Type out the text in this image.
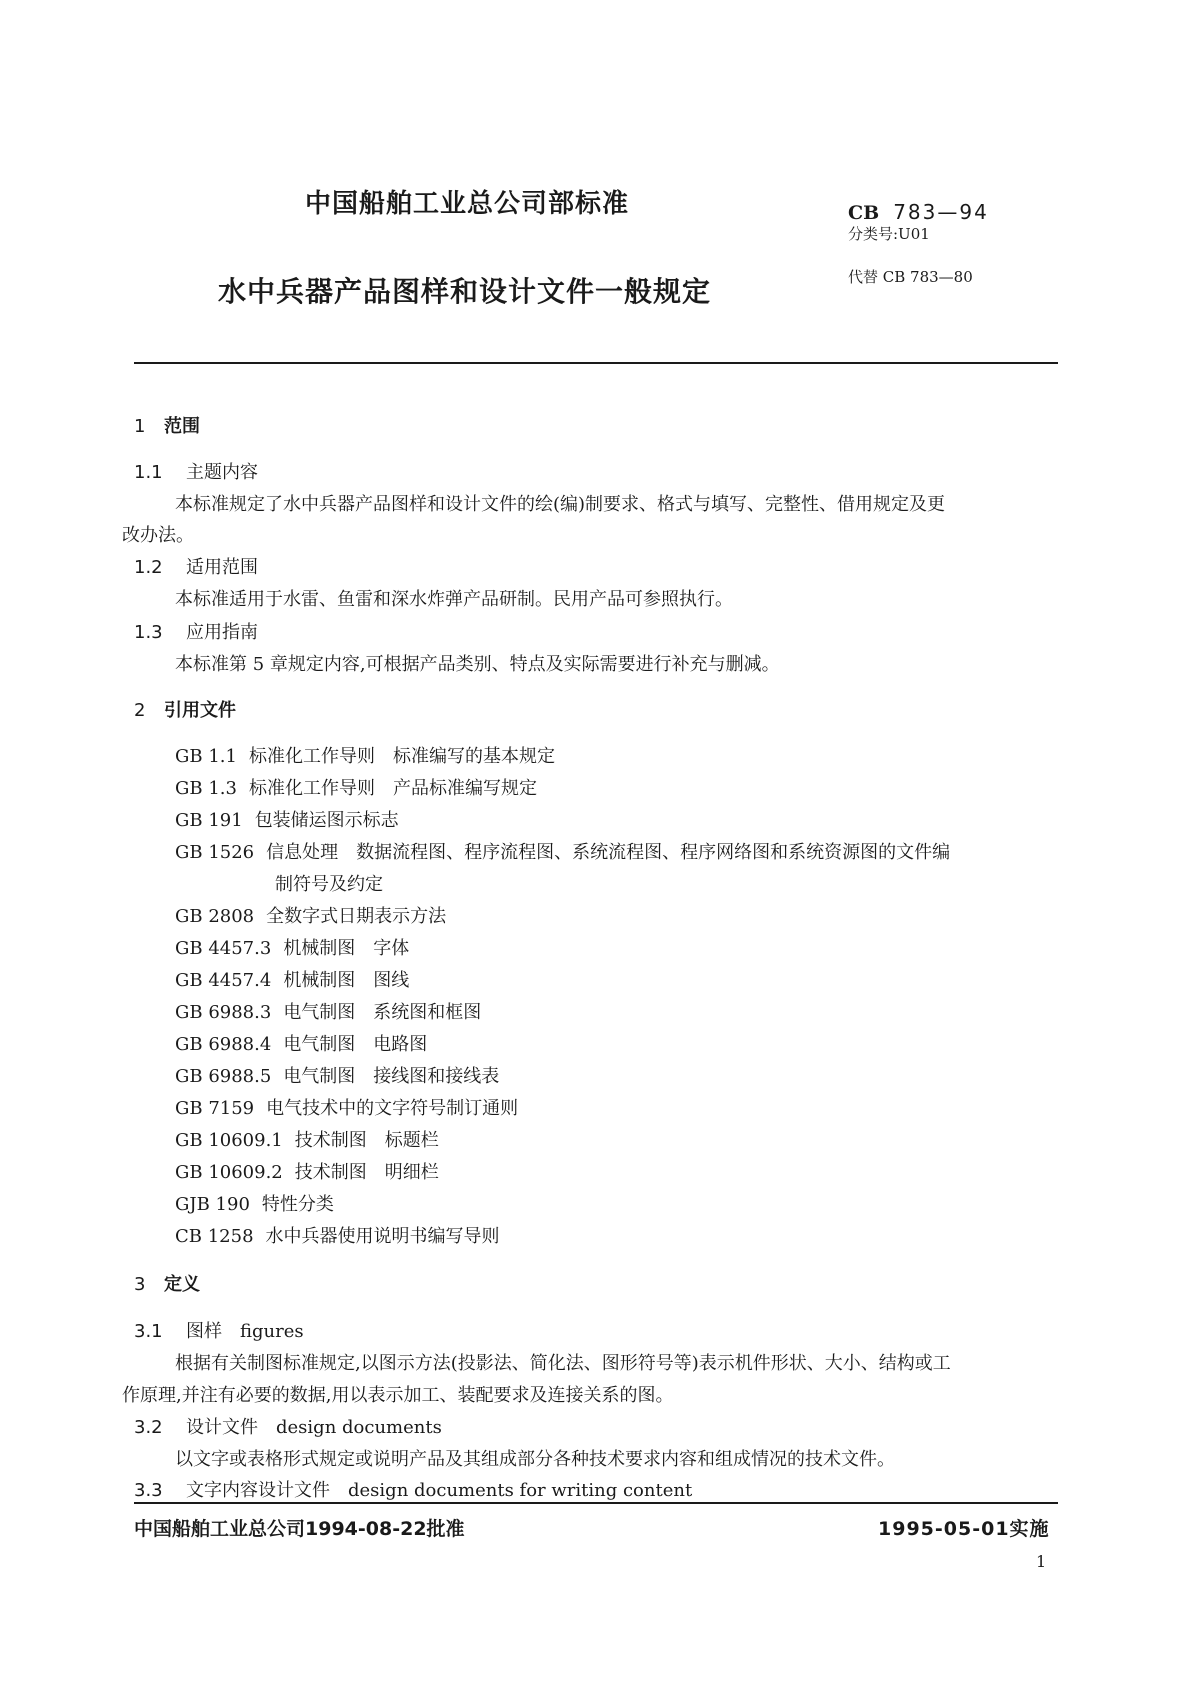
中国船舶工业总公司部标准	CB 783—94
分类号:U01
水中兵器产品图样和设计文件一般规定	代替 CB 783—80
1 范围
1.1 主题内容
本标准规定了水中兵器产品图样和设计文件的绘(编)制要求、格式与填写、完整性、借用规定及更
改办法。
1.2 适用范围
本标准适用于水雷、鱼雷和深水炸弹产品研制。民用产品可参照执行。
1.3 应用指南
本标准第 5 章规定内容,可根据产品类别、特点及实际需要进行补充与删减。
2 引用文件
GB 1.1 标准化工作导则　标准编写的基本规定
GB 1.3 标准化工作导则　产品标准编写规定
GB 191 包装储运图示标志
GB 1526 信息处理　数据流程图、程序流程图、系统流程图、程序网络图和系统资源图的文件编
制符号及约定
GB 2808 全数字式日期表示方法
GB 4457.3 机械制图　字体
GB 4457.4 机械制图　图线
GB 6988.3 电气制图　系统图和框图
GB 6988.4 电气制图　电路图
GB 6988.5 电气制图　接线图和接线表
GB 7159 电气技术中的文字符号制订通则
GB 10609.1 技术制图　标题栏
GB 10609.2 技术制图　明细栏
GJB 190 特性分类
CB 1258 水中兵器使用说明书编写导则
3 定义
3.1 图样　figures
根据有关制图标准规定,以图示方法(投影法、简化法、图形符号等)表示机件形状、大小、结构或工
作原理,并注有必要的数据,用以表示加工、装配要求及连接关系的图。
3.2 设计文件　design documents
以文字或表格形式规定或说明产品及其组成部分各种技术要求内容和组成情况的技术文件。
3.3 文字内容设计文件　design documents for writing content
中国船舶工业总公司1994-08-22批准	1995-05-01实施
1
